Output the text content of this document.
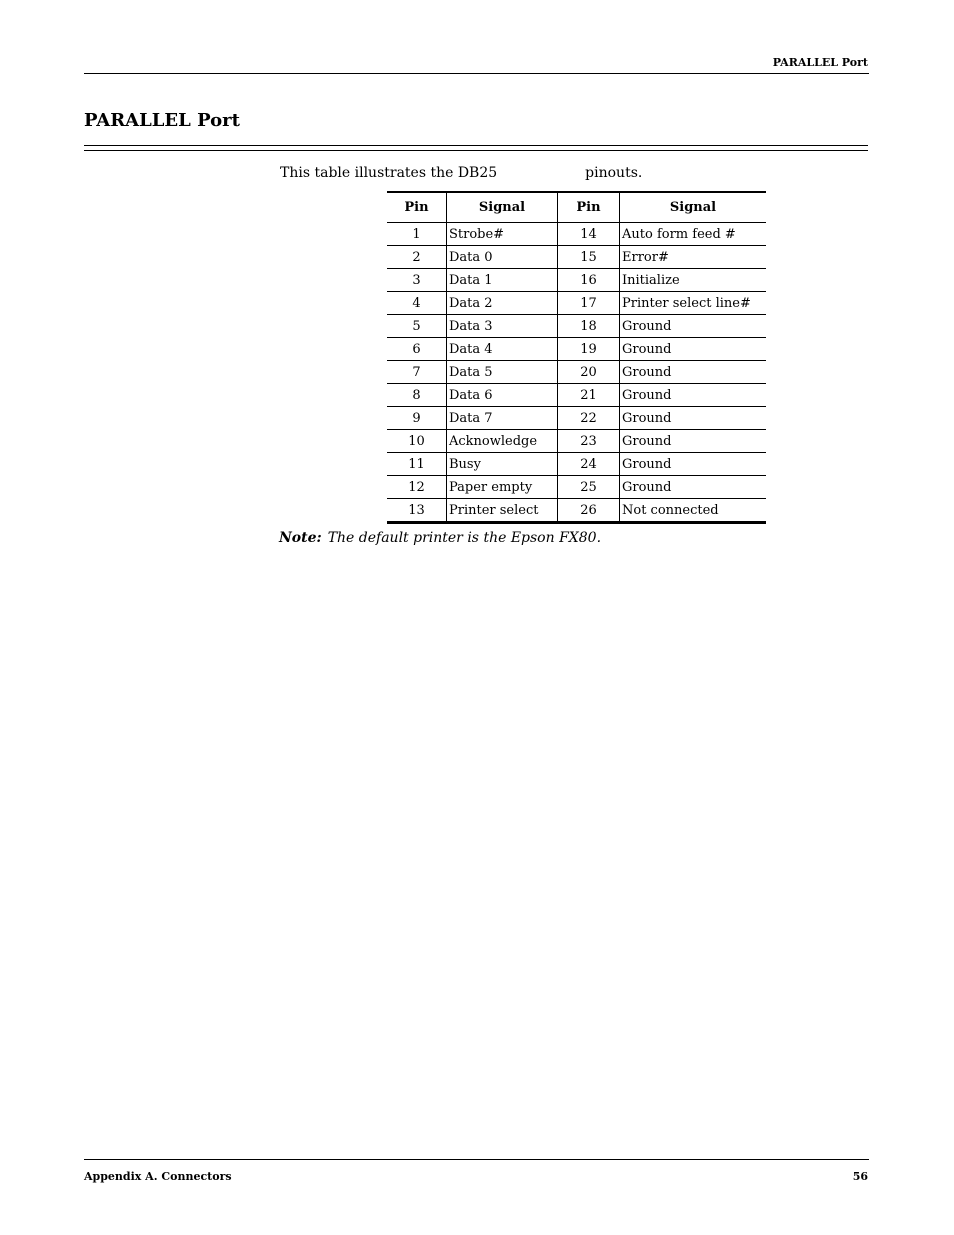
PARALLEL Port
PARALLEL Port
This table illustrates the DB25	pinouts.
Pin	Signal	Pin	Signal
1	Strobe#	14	Auto form feed #
2	Data 0	15	Error#
3	Data 1	16	Initialize
4	Data 2	17	Printer select line#
5	Data 3	18	Ground
6	Data 4	19	Ground
7	Data 5	20	Ground
8	Data 6	21	Ground
9	Data 7	22	Ground
10	Acknowledge	23	Ground
11	Busy	24	Ground
12	Paper empty	25	Ground
13	Printer select	26	Not connected
Note: The default printer is the Epson FX80.
Appendix A. Connectors	56
